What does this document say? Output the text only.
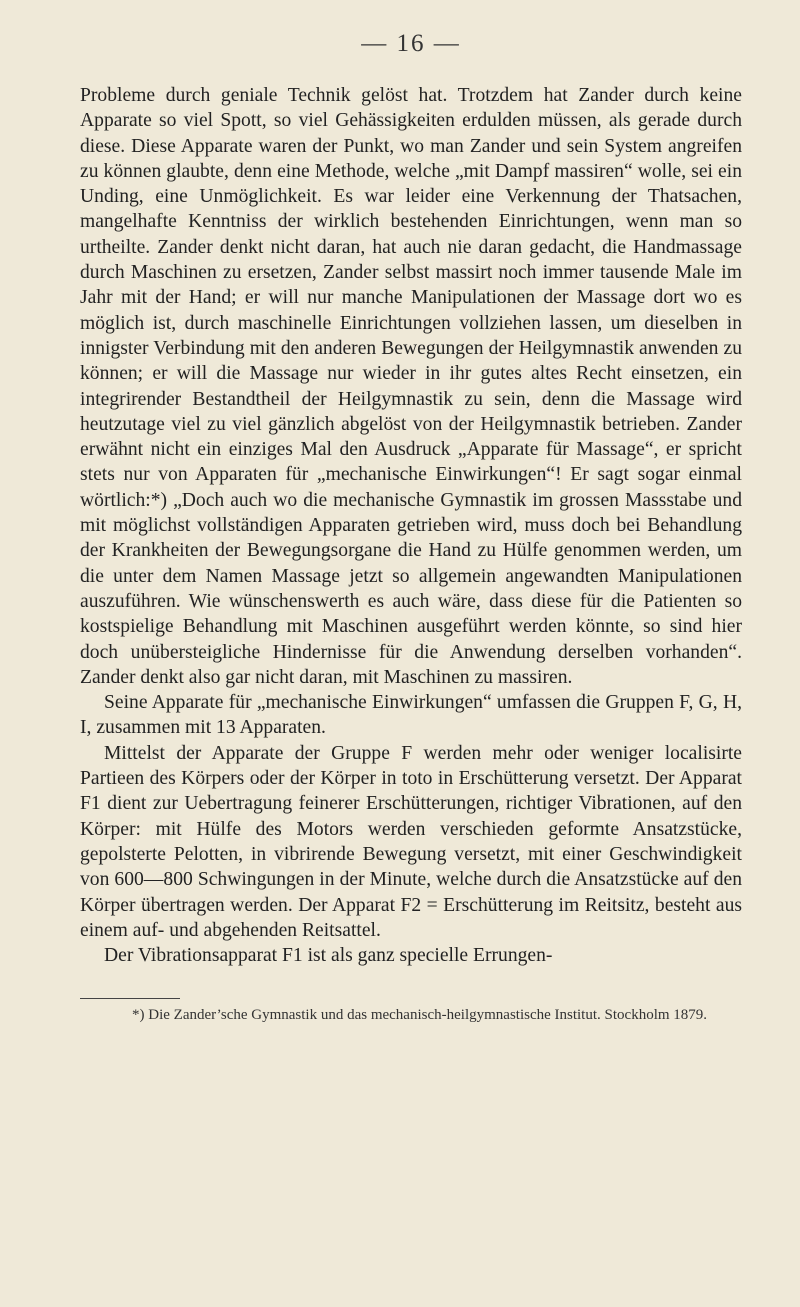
— 16 —

Probleme durch geniale Technik gelöst hat. Trotzdem hat Zander durch keine Apparate so viel Spott, so viel Gehässigkeiten erdulden müssen, als gerade durch diese. Diese Apparate waren der Punkt, wo man Zander und sein System angreifen zu können glaubte, denn eine Methode, welche „mit Dampf massiren“ wolle, sei ein Unding, eine Unmöglichkeit. Es war leider eine Verkennung der Thatsachen, mangelhafte Kenntniss der wirklich bestehenden Einrichtungen, wenn man so urtheilte. Zander denkt nicht daran, hat auch nie daran gedacht, die Handmassage durch Maschinen zu ersetzen, Zander selbst massirt noch immer tausende Male im Jahr mit der Hand; er will nur manche Manipulationen der Massage dort wo es möglich ist, durch maschinelle Einrichtungen vollziehen lassen, um dieselben in innigster Verbindung mit den anderen Bewegungen der Heilgymnastik anwenden zu können; er will die Massage nur wieder in ihr gutes altes Recht einsetzen, ein integrirender Bestandtheil der Heilgymnastik zu sein, denn die Massage wird heutzutage viel zu viel gänzlich abgelöst von der Heilgymnastik betrieben. Zander erwähnt nicht ein einziges Mal den Ausdruck „Apparate für Massage“, er spricht stets nur von Apparaten für „mechanische Einwirkungen“! Er sagt sogar einmal wörtlich:*) „Doch auch wo die mechanische Gymnastik im grossen Massstabe und mit möglichst vollständigen Apparaten getrieben wird, muss doch bei Behandlung der Krankheiten der Bewegungsorgane die Hand zu Hülfe genommen werden, um die unter dem Namen Massage jetzt so allgemein angewandten Manipulationen auszuführen. Wie wünschenswerth es auch wäre, dass diese für die Patienten so kostspielige Behandlung mit Maschinen ausgeführt werden könnte, so sind hier doch unübersteigliche Hindernisse für die Anwendung derselben vorhanden“. Zander denkt also gar nicht daran, mit Maschinen zu massiren.

Seine Apparate für „mechanische Einwirkungen“ umfassen die Gruppen F, G, H, I, zusammen mit 13 Apparaten.

Mittelst der Apparate der Gruppe F werden mehr oder weniger localisirte Partieen des Körpers oder der Körper in toto in Erschütterung versetzt. Der Apparat F1 dient zur Uebertragung feinerer Erschütterungen, richtiger Vibrationen, auf den Körper: mit Hülfe des Motors werden verschieden geformte Ansatzstücke, gepolsterte Pelotten, in vibrirende Bewegung versetzt, mit einer Geschwindigkeit von 600—800 Schwingungen in der Minute, welche durch die Ansatzstücke auf den Körper übertragen werden. Der Apparat F2 = Erschütterung im Reitsitz, besteht aus einem auf- und abgehenden Reitsattel.

Der Vibrationsapparat F1 ist als ganz specielle Errungen-

*) Die Zander’sche Gymnastik und das mechanisch-heilgymnastische Institut. Stockholm 1879.
